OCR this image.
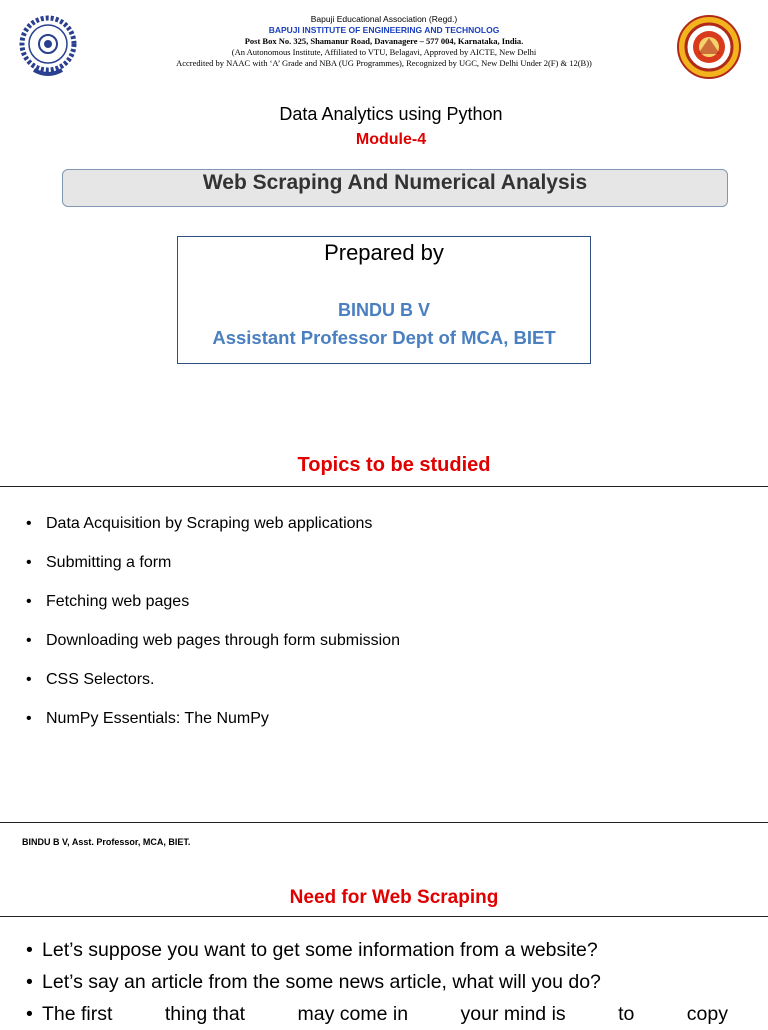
Bapuji Educational Association (Regd.)
BAPUJI INSTITUTE OF ENGINEERING AND TECHNOLOG
Post Box No. 325, Shamanur Road, Davanagere – 577 004, Karnataka, India.
(An Autonomous Institute, Affiliated to VTU, Belagavi, Approved by AICTE, New Delhi
Accredited by NAAC with ‘A’ Grade and NBA (UG Programmes), Recognized by UGC, New Delhi Under 2(F) & 12(B))
Data Analytics using Python
Module-4
Web Scraping And Numerical Analysis
Prepared by
BINDU B V
Assistant Professor Dept of MCA, BIET
Topics to be studied
• Data Acquisition by Scraping web applications
• Submitting a form
• Fetching web pages
• Downloading web pages through form submission
• CSS Selectors.
• NumPy Essentials: The NumPy
BINDU B V, Asst. Professor, MCA, BIET.
Need for Web Scraping
• Let’s suppose you want to get some information from a website?
• Let’s say an article from the some news article, what will you do?
• The first	thing that	may come in	your mind is	to	copy
